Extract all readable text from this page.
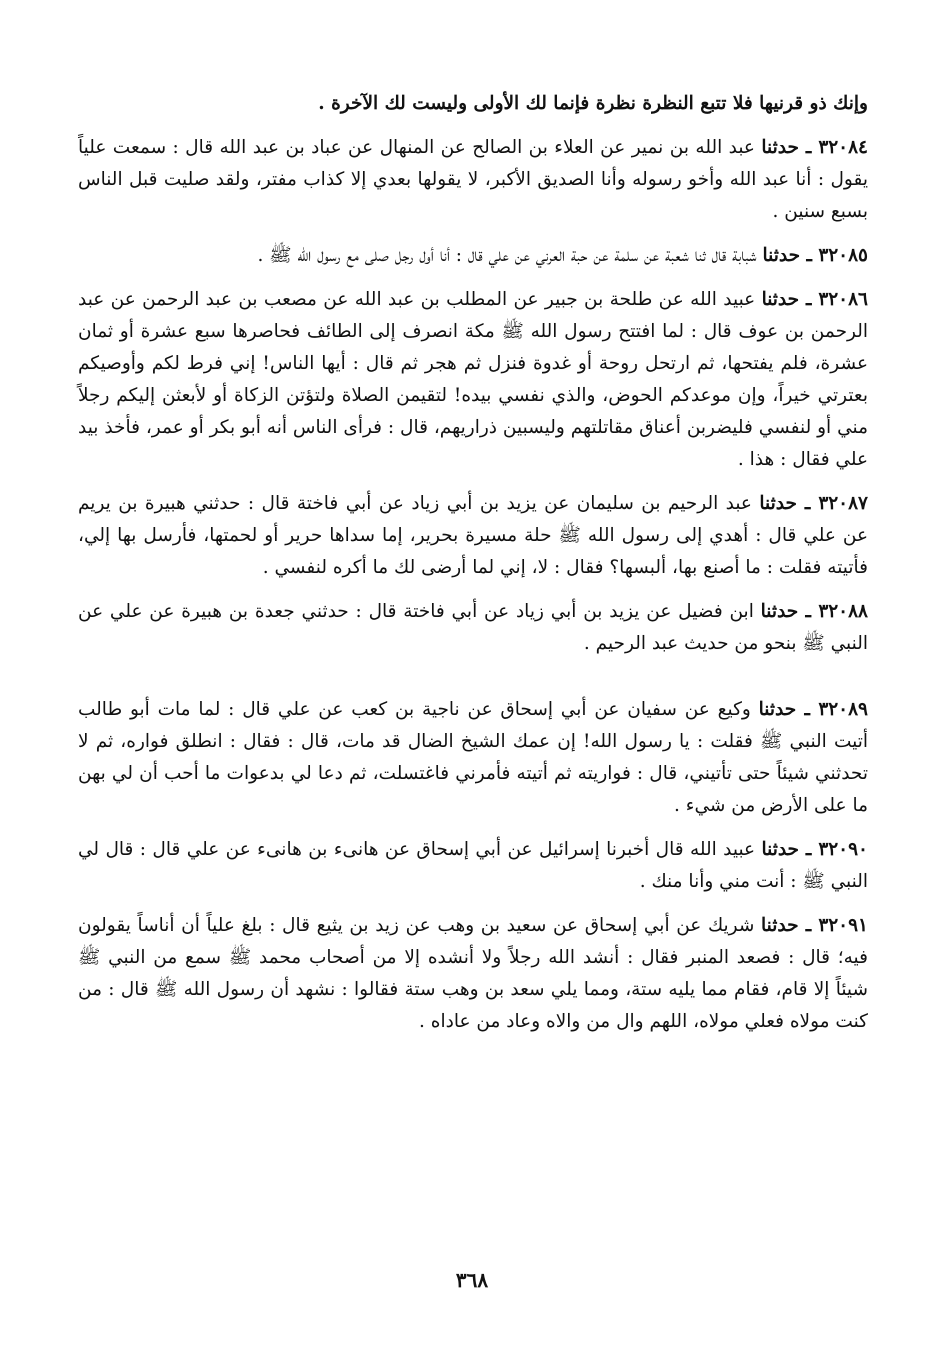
وإنك ذو قرنيها فلا تتبع النظرة نظرة فإنما لك الأولى وليست لك الآخرة .

٣٢٠٨٤ ـ حدثنا عبد الله بن نمير عن العلاء بن الصالح عن المنهال عن عباد بن عبد الله قال : سمعت علياً يقول : أنا عبد الله وأخو رسوله وأنا الصديق الأكبر، لا يقولها بعدي إلا كذاب مفتر، ولقد صليت قبل الناس بسبع سنين .

٣٢٠٨٥ ـ حدثنا شبابة قال ثنا شعبة عن سلمة عن حبة العرني عن علي قال : أنا أول رجل صلى مع رسول الله ﷺ .

٣٢٠٨٦ ـ حدثنا عبيد الله عن طلحة بن جبير عن المطلب بن عبد الله عن مصعب بن عبد الرحمن عن عبد الرحمن بن عوف قال : لما افتتح رسول الله ﷺ مكة انصرف إلى الطائف فحاصرها سبع عشرة أو ثمان عشرة، فلم يفتحها، ثم ارتحل روحة أو غدوة فنزل ثم هجر ثم قال : أيها الناس! إني فرط لكم وأوصيكم بعترتي خيراً، وإن موعدكم الحوض، والذي نفسي بيده! لتقيمن الصلاة ولتؤتن الزكاة أو لأبعثن إليكم رجلاً مني أو لنفسي فليضربن أعناق مقاتلتهم وليسبين ذراريهم، قال : فرأى الناس أنه أبو بكر أو عمر، فأخذ بيد علي فقال : هذا .

٣٢٠٨٧ ـ حدثنا عبد الرحيم بن سليمان عن يزيد بن أبي زياد عن أبي فاختة قال : حدثني هبيرة بن يريم عن علي قال : أهدي إلى رسول الله ﷺ حلة مسيرة بحرير، إما سداها حرير أو لحمتها، فأرسل بها إلي، فأتيته فقلت : ما أصنع بها، ألبسها؟ فقال : لا، إني لما أرضى لك ما أكره لنفسي .

٣٢٠٨٨ ـ حدثنا ابن فضيل عن يزيد بن أبي زياد عن أبي فاختة قال : حدثني جعدة بن هبيرة عن علي عن النبي ﷺ بنحو من حديث عبد الرحيم .

٣٢٠٨٩ ـ حدثنا وكيع عن سفيان عن أبي إسحاق عن ناجية بن كعب عن علي قال : لما مات أبو طالب أتيت النبي ﷺ فقلت : يا رسول الله! إن عمك الشيخ الضال قد مات، قال : فقال : انطلق فواره، ثم لا تحدثني شيئاً حتى تأتيني، قال : فواريته ثم أتيته فأمرني فاغتسلت، ثم دعا لي بدعوات ما أحب أن لي بهن ما على الأرض من شيء .

٣٢٠٩٠ ـ حدثنا عبيد الله قال أخبرنا إسرائيل عن أبي إسحاق عن هانىء بن هانىء عن علي قال : قال لي النبي ﷺ : أنت مني وأنا منك .

٣٢٠٩١ ـ حدثنا شريك عن أبي إسحاق عن سعيد بن وهب عن زيد بن يثيع قال : بلغ علياً أن أناساً يقولون فيه؛ قال : فصعد المنبر فقال : أنشد الله رجلاً ولا أنشده إلا من أصحاب محمد ﷺ سمع من النبي ﷺ شيئاً إلا قام، فقام مما يليه ستة، ومما يلي سعد بن وهب ستة فقالوا : نشهد أن رسول الله ﷺ قال : من كنت مولاه فعلي مولاه، اللهم وال من والاه وعاد من عاداه .

٣٦٨
